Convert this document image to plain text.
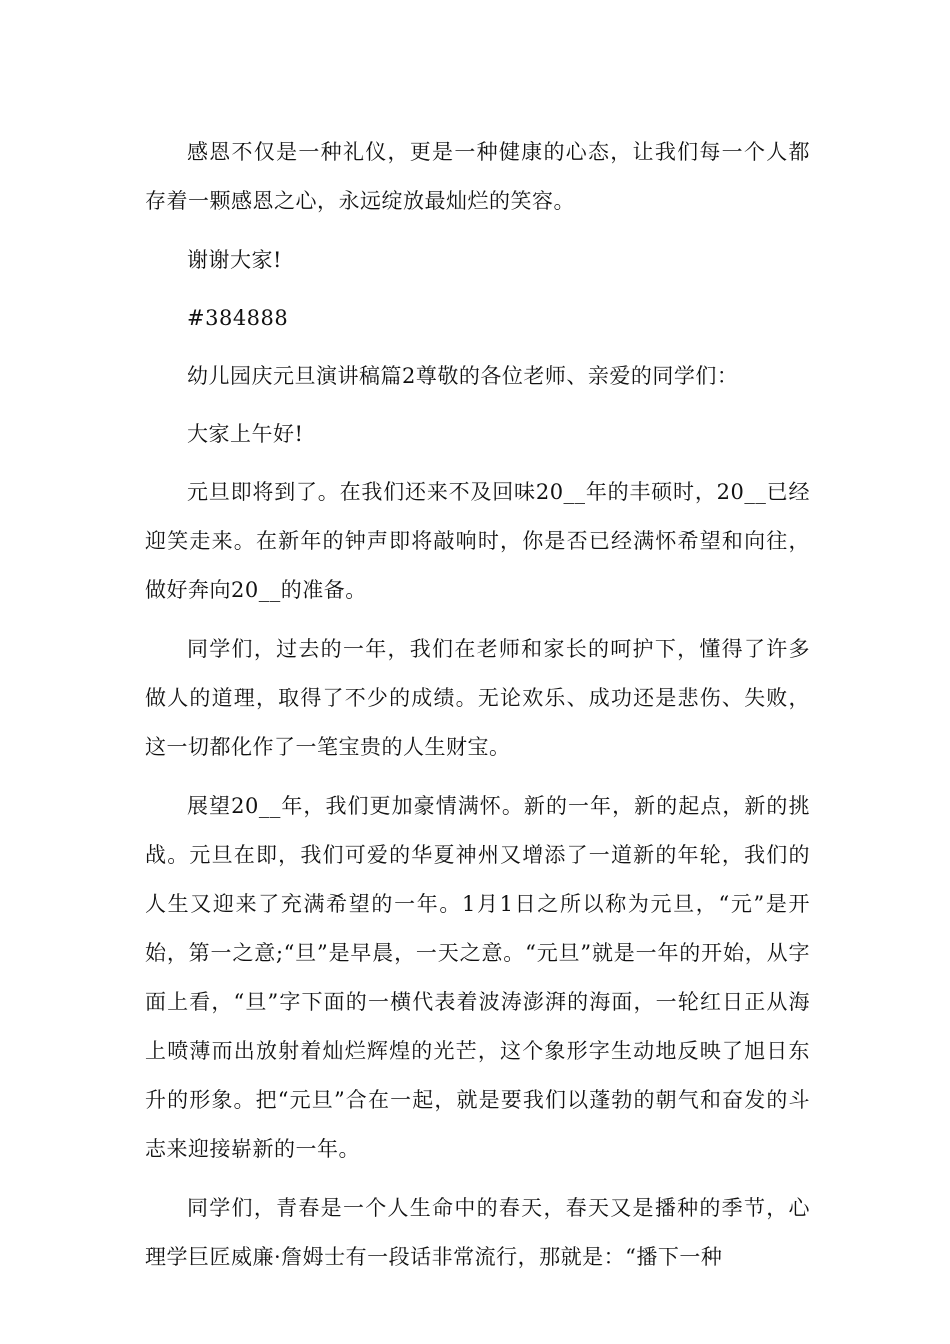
感恩不仅是一种礼仪，更是一种健康的心态，让我们每一个人都存着一颗感恩之心，永远绽放最灿烂的笑容。

谢谢大家!

#384888

幼儿园庆元旦演讲稿篇2尊敬的各位老师、亲爱的同学们：

大家上午好!

元旦即将到了。在我们还来不及回味20__年的丰硕时，20__已经迎笑走来。在新年的钟声即将敲响时，你是否已经满怀希望和向往，做好奔向20__的准备。

同学们，过去的一年，我们在老师和家长的呵护下，懂得了许多做人的道理，取得了不少的成绩。无论欢乐、成功还是悲伤、失败，这一切都化作了一笔宝贵的人生财宝。

展望20__年，我们更加豪情满怀。新的一年，新的起点，新的挑战。元旦在即，我们可爱的华夏神州又增添了一道新的年轮，我们的人生又迎来了充满希望的一年。1月1日之所以称为元旦，“元”是开始，第一之意;“旦”是早晨，一天之意。“元旦”就是一年的开始，从字面上看，“旦”字下面的一横代表着波涛澎湃的海面，一轮红日正从海上喷薄而出放射着灿烂辉煌的光芒，这个象形字生动地反映了旭日东升的形象。把“元旦”合在一起，就是要我们以蓬勃的朝气和奋发的斗志来迎接崭新的一年。

同学们，青春是一个人生命中的春天，春天又是播种的季节，心理学巨匠威廉·詹姆士有一段话非常流行，那就是：“播下一种
